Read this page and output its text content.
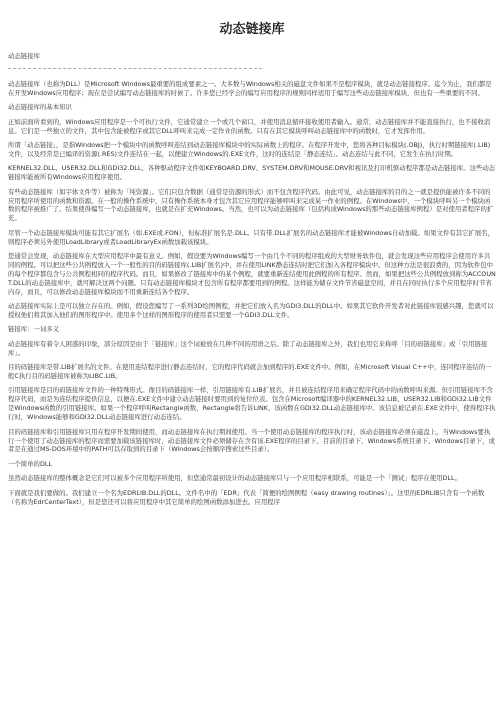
动态链接库
动态链接库

动态链接库（也称为DLL）是Microsoft Windows最重要的组成要素之一。大多数与Windows相关的磁盘文件如果不是程序模块，就是动态链接程序。迄今为止，我们都是在开发Windows应用程序；现在是尝试编写动态链接库的时候了。许多您已经学会的编写应用程序的规则同样适用于编写这些动态链接库模块，但也有一些重要的不同。

动态链接库的基本知识

正如前面所看到的，Windows应用程序是一个可执行文件，它通常建立一个或几个窗口，并使用消息循环接收使用者输入。通常，动态链接库并不能直接执行，也不接收消息。它们是一些独立的文件，其中包含能被程序或其它DLL呼叫来完成一定作业的函数。只有在其它模块呼叫动态链接库中的函数时，它才发挥作用。

所谓「动态链接」，是指Windows把一个模块中的函数呼叫连结到动态链接库模块中的实际函数上的程序。在程序开发中，您将各种目标模块(.OBJ)，执行时期链接库(.LIB)文件，以及经常是已编译的资源(.RES)文件连结在一起，以便建立Windows的.EXE文件，这时的连结是「静态连结」。动态连结与此不同，它发生在执行时期。

KERNEL32.DLL、USER32.DLL和GDI32.DLL、各种驱动程序文件如KEYBOARD.DRV、SYSTEM.DRV和MOUSE.DRV和视讯及打印机驱动程序都是动态链接库。这些动态链接库能被所有Windows应用程序使用。

有些动态链接库（如字体文件等）被称为「纯资源」。它们只包含数据（通常是资源的形式）而不包含程序代码。由此可见，动态链接库的目的之一就是提供能被许多不同的应用程序所使用的函数和资源。在一般的操作系统中，只有操作系统本身才包含其它应用程序能够呼叫来完成某一作业的例程。在Windows中，一个模块呼叫另一个模块函数的程序被推广了。结果使得编写一个动态链接库，也就是在扩充Windows。当然，也可以为动态链接库（包括构成Windows的那些动态链接库例程）是对使用者程序的扩充。

尽管一个动态链接库模块可能有其它扩展名（如.EXE或.FON），但标准扩展名是.DLL。只有带.DLL扩展名的动态链接库才能被Windows自动加载。如果文件有其它扩展名，则程序必须另外使用LoadLibrary或者LoadLibraryEx函数加载该模块。

您通常会发现，动态链接库在大型应用程序中最有意义。例如，假设要为Windows编写一个由几个不同的程序组成的大型财务软件包，就会发现这些应用程序会使用许多共同的例程。可以把这些公共例程放入一个一般性的目的码链接库(.LIB扩展名)中，并在使用LINK静态连结时把它们加入各程序模块中。但这种方法是很浪费的，因为软件包中的每个程序都包含与公共例程相同的程序代码。而且，如果修改了链接库中的某个例程，就要重新连结使用此例程的所有程序。然而，如果把这些公共例程放到称为ACCOUNT.DLL的动态链接库中，就可解决这两个问题。只有动态链接库模块才包含所有程序都要用到的例程。这样能为储存文件节省磁盘空间，并且在同时执行多个应用程序时节省内存，而且，可以修改动态链接库模块而不用重新连结各个程序。

动态链接库实际上是可以独立存在的。例如，假设您编写了一系列3D绘图例程，并把它们放入名为GDI3.DLL的DLL中。如果其它软件开发者对此链接库很感兴趣，您就可以授权他们将其加入他们的图形程序中。使用多个这样的图形程序的使用者只需要一个GDI3.DLL文件。

链接库：一词多义

动态链接库有着令人困惑的印象，部分原因是由于「链接库」这个词被放在几种不同的用语之后。除了动态链接库之外，我们也用它来称呼「目的码链接库」或「引用链接库」。

目的码链接库是带.LIB扩展名的文件。在使用连结程序进行静态连结时，它的程序代码就会加到程序的.EXE文件中。例如，在Microsoft Visual C++中，连同程序连结的一般C执行目的码链接库被称为LIBC.LIB。

引用链接库是目的码链接库文件的一种特殊形式。像目的码链接库一样，引用链接库有.LIB扩展名，并且被连结程序用来确定程序代码中的函数呼叫来源。但引用链接库不含程序代码，而是为连结程序提供信息，以便在.EXE文件中建立动态链接时要用到的复位位表。包含在Microsoft编译器中的KERNEL32.LIB、USER32.LIB和GDI32.LIB文件是Windows函数的引用链接库。如果一个程序呼叫Rectangle函数，Rectangle将告诉LINK，该函数在GDI32.DLL动态链接库中。该信息被记录在.EXE文件中，使得程序执行时，Windows能够和GDI32.DLL动态链接库进行动态连结。

目的码链接库和引用链接库只用在程序开发期间使用，而动态链接库在执行期间使用。当一个使用动态链接库的程序执行时，该动态链接库必须在磁盘上。当Windows要执行一个使用了动态链接库的程序而需要加载该链接库时，动态链接库文件必须储存在含有该.EXE程序的目录下、目前的目录下、Windows系统目录下、Windows目录下，或者是在通过MS-DOS环境中的PATH可以存取到的目录下（Windows会按顺序搜索这些目录）。

一个简单的DLL

虽然动态链接库的整体概念是它们可以被多个应用程序所使用，但您通常最初设计的动态链接库只与一个应用程序相联系，可能是一个「测试」程序在使用DLL。

下面就是我们要做的。我们建立一个名为EDRLIB.DLL的DLL。文件名中的「EDR」代表「简便的绘图例程（easy drawing routines）」。这里的EDRLIB只含有一个函数（名称为EdrCenterText），但是您还可以将应用程序中其它简单的绘图函数添加进去。应用程序
